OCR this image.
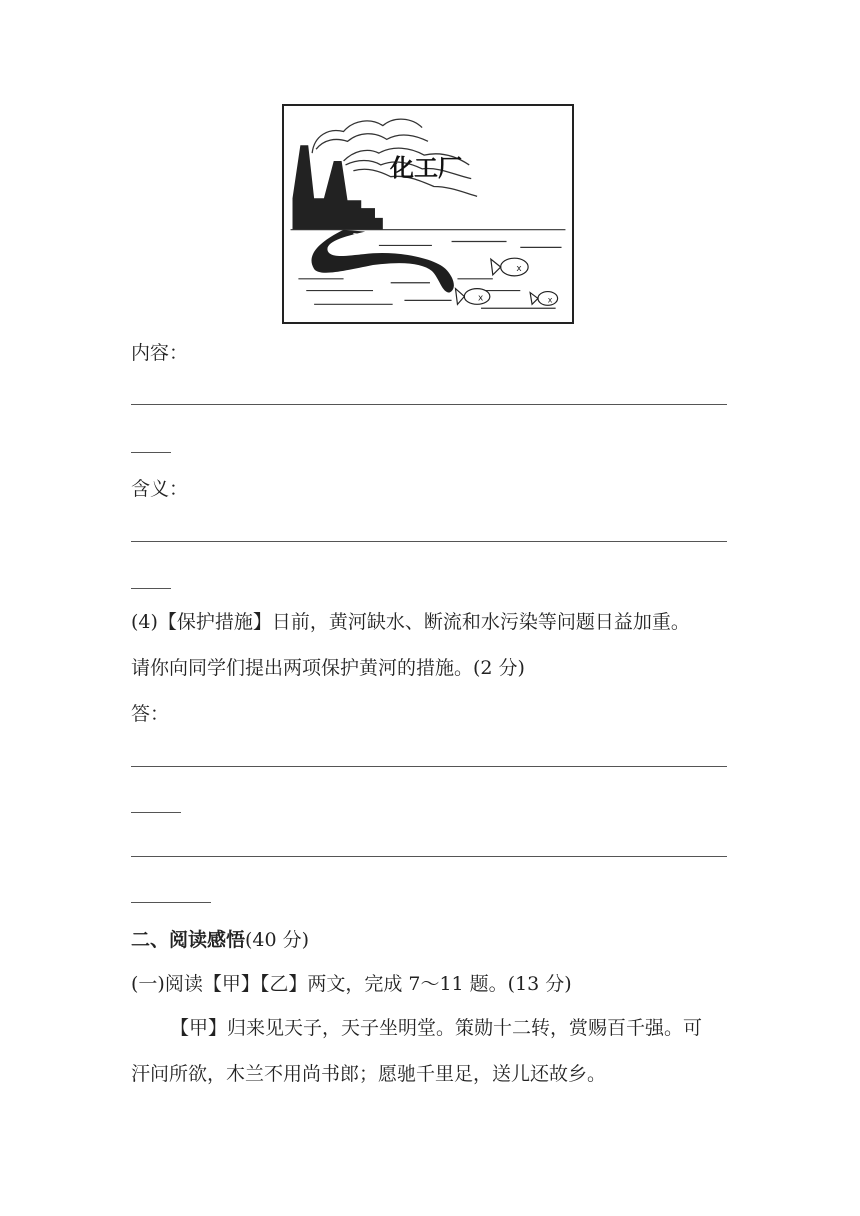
x
x	x
化工厂
内容：
含义：
(4)【保护措施】日前，黄河缺水、断流和水污染等问题日益加重。
请你向同学们提出两项保护黄河的措施。(2 分)
答：
二、阅读感悟(40 分)
(一)阅读【甲】【乙】两文，完成 7～11 题。(13 分)
【甲】归来见天子，天子坐明堂。策勋十二转，赏赐百千强。可
汗问所欲，木兰不用尚书郎；愿驰千里足，送儿还故乡。
